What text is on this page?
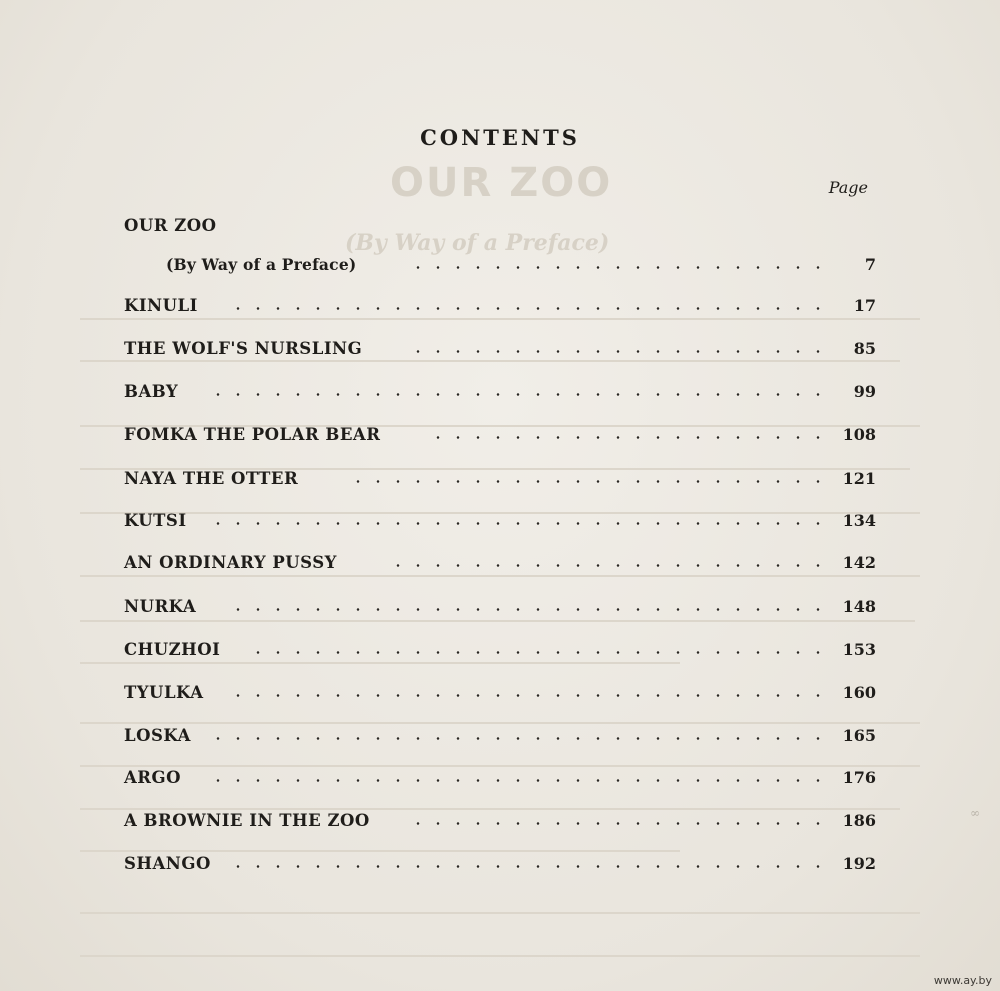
OUR ZOO
(By Way of a Preface)
CONTENTS
Page
OUR ZOO
(By Way of a Preface)	7
KINULI	17
THE WOLF'S NURSLING	85
BABY	99
FOMKA THE POLAR BEAR	108
NAYA THE OTTER	121
KUTSI	134
AN ORDINARY PUSSY	142
NURKA	148
CHUZHOI	153
TYULKA	160
LOSKA	165
ARGO	176
A BROWNIE IN THE ZOO	186
SHANGO	192
∞
www.ay.by
